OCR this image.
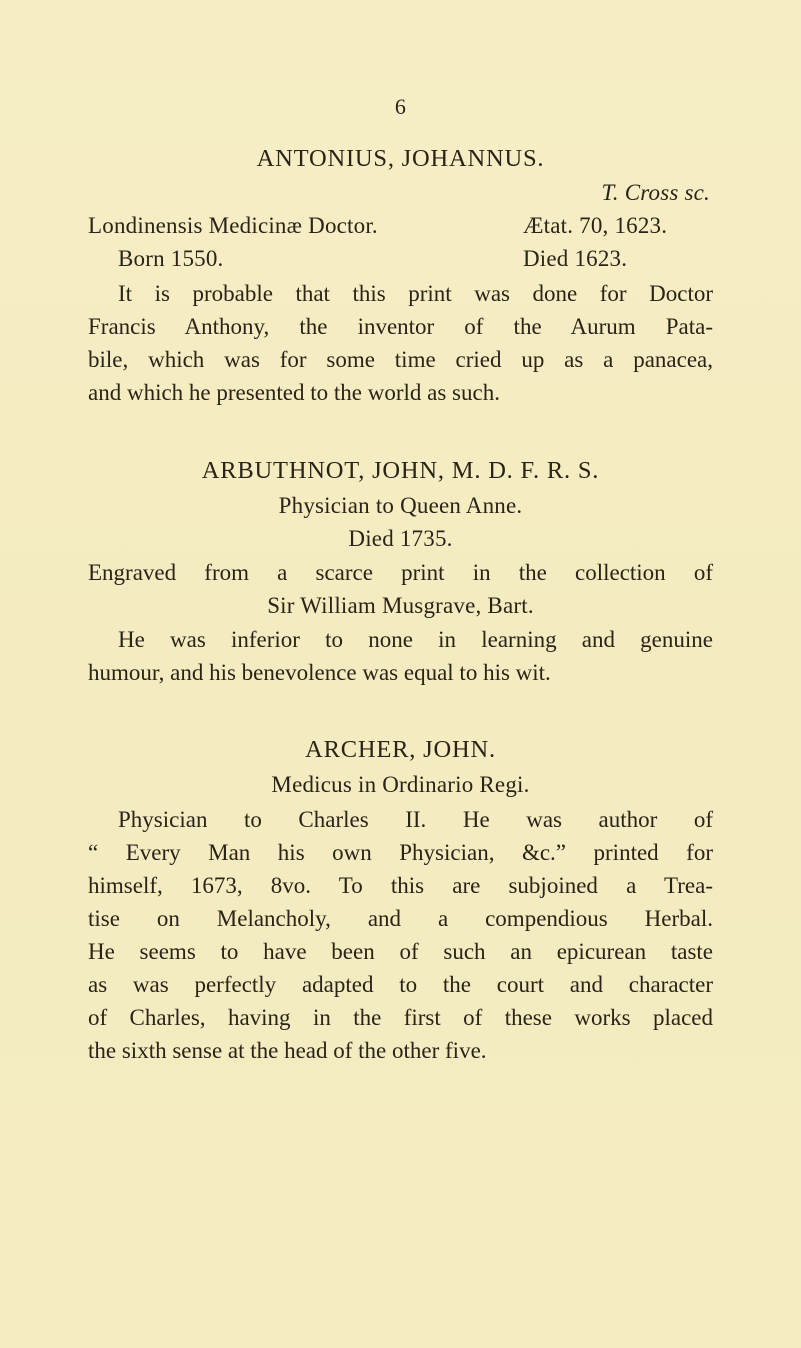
6
ANTONIUS, JOHANNUS.
T. Cross sc.
Londinensis Medicinæ Doctor.	Ætat. 70, 1623.
Born 1550.	Died 1623.
It is probable that this print was done for Doctor
Francis Anthony, the inventor of the Aurum Pata-
bile, which was for some time cried up as a panacea,
and which he presented to the world as such.
ARBUTHNOT, JOHN, M. D. F. R. S.
Physician to Queen Anne.
Died 1735.
Engraved from a scarce print in the collection of
Sir William Musgrave, Bart.
He was inferior to none in learning and genuine
humour, and his benevolence was equal to his wit.
ARCHER, JOHN.
Medicus in Ordinario Regi.
Physician to Charles II. He was author of
“ Every Man his own Physician, &c.” printed for
himself, 1673, 8vo. To this are subjoined a Trea-
tise on Melancholy, and a compendious Herbal.
He seems to have been of such an epicurean taste
as was perfectly adapted to the court and character
of Charles, having in the first of these works placed
the sixth sense at the head of the other five.
